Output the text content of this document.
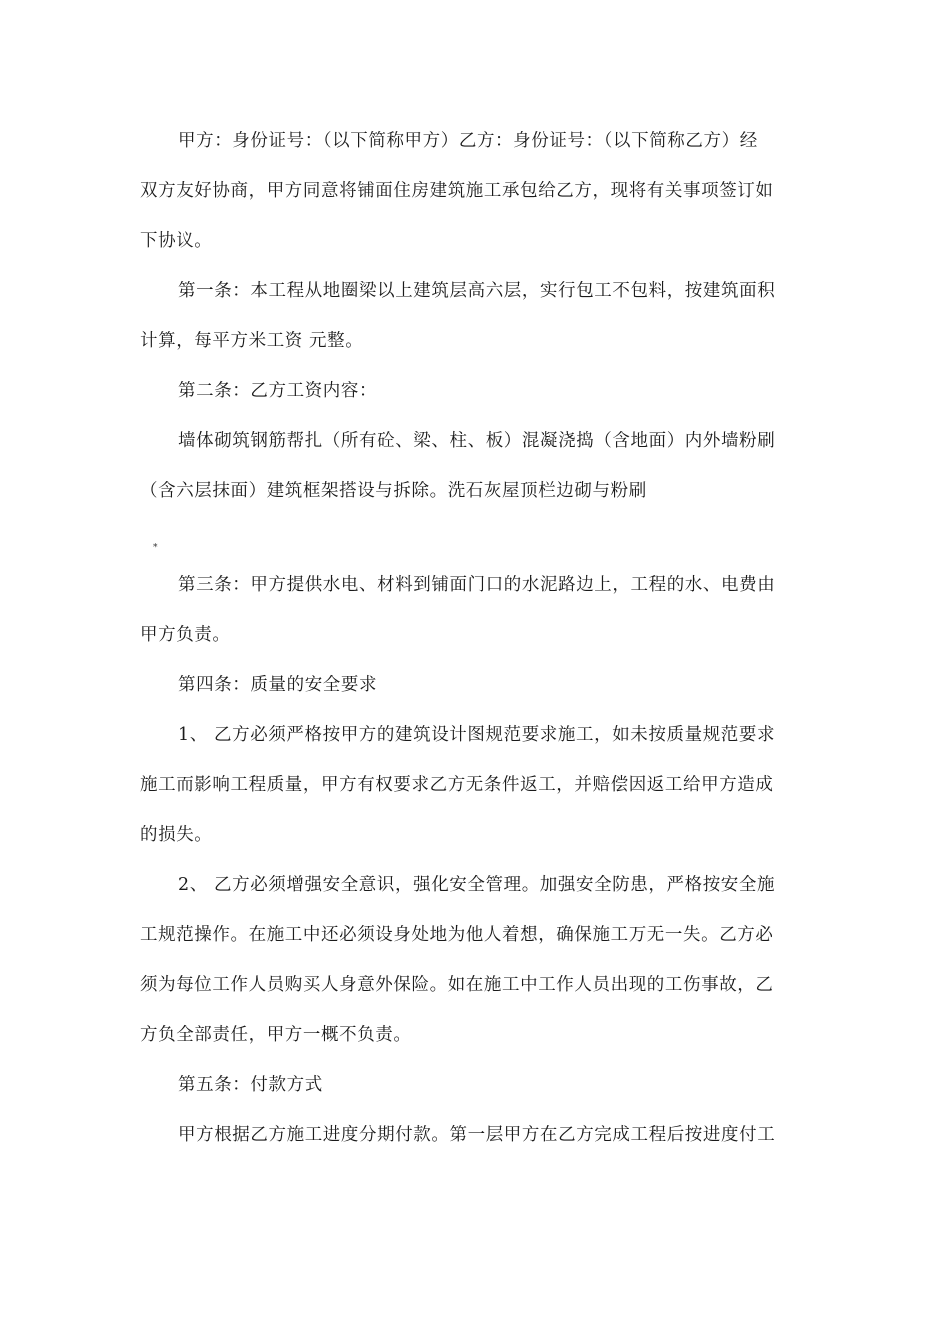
甲方：身份证号：（以下简称甲方）乙方：身份证号：（以下简称乙方）经
双方友好协商，甲方同意将铺面住房建筑施工承包给乙方，现将有关事项签订如
下协议。
第一条：本工程从地圈梁以上建筑层高六层，实行包工不包料，按建筑面积
计算，每平方米工资 元整。
第二条：乙方工资内容：
墙体砌筑钢筋帮扎（所有砼、梁、柱、板）混凝浇捣（含地面）内外墙粉刷
（含六层抹面）建筑框架搭设与拆除。洗石灰屋顶栏边砌与粉刷
第三条：甲方提供水电、材料到铺面门口的水泥路边上，工程的水、电费由
甲方负责。
第四条：质量的安全要求
1、 乙方必须严格按甲方的建筑设计图规范要求施工，如未按质量规范要求
施工而影响工程质量，甲方有权要求乙方无条件返工，并赔偿因返工给甲方造成
的损失。
2、 乙方必须增强安全意识，强化安全管理。加强安全防患，严格按安全施
工规范操作。在施工中还必须设身处地为他人着想，确保施工万无一失。乙方必
须为每位工作人员购买人身意外保险。如在施工中工作人员出现的工伤事故，乙
方负全部责任，甲方一概不负责。
第五条：付款方式
甲方根据乙方施工进度分期付款。第一层甲方在乙方完成工程后按进度付工
*
